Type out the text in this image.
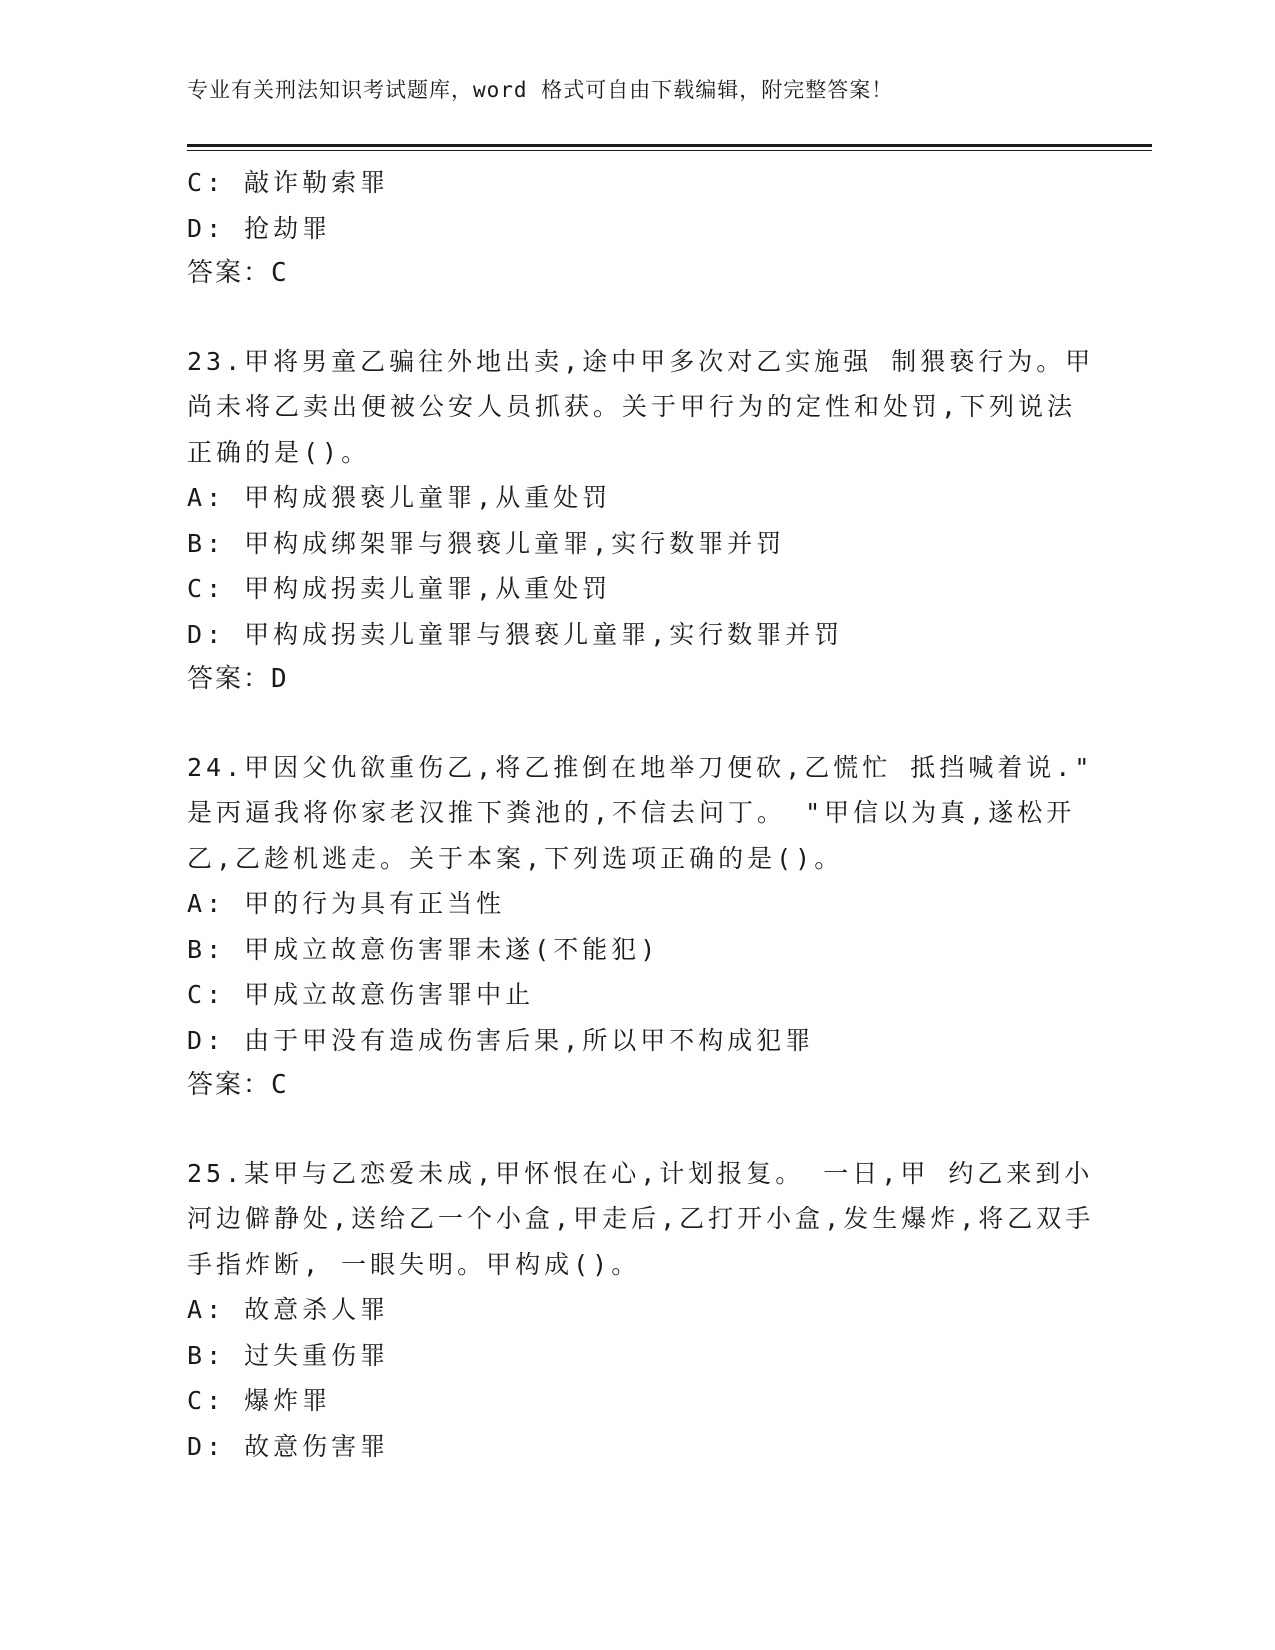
专业有关刑法知识考试题库，word 格式可自由下载编辑，附完整答案！
C: 敲诈勒索罪
D: 抢劫罪
答案：C
23.甲将男童乙骗往外地出卖,途中甲多次对乙实施强 制猥亵行为。甲
尚未将乙卖出便被公安人员抓获。关于甲行为的定性和处罚,下列说法
正确的是()。
A: 甲构成猥亵儿童罪,从重处罚
B: 甲构成绑架罪与猥亵儿童罪,实行数罪并罚
C: 甲构成拐卖儿童罪,从重处罚
D: 甲构成拐卖儿童罪与猥亵儿童罪,实行数罪并罚
答案：D
24.甲因父仇欲重伤乙,将乙推倒在地举刀便砍,乙慌忙 抵挡喊着说."
是丙逼我将你家老汉推下粪池的,不信去问丁。 "甲信以为真,遂松开
乙,乙趁机逃走。关于本案,下列选项正确的是()。
A: 甲的行为具有正当性
B: 甲成立故意伤害罪未遂(不能犯)
C: 甲成立故意伤害罪中止
D: 由于甲没有造成伤害后果,所以甲不构成犯罪
答案：C
25.某甲与乙恋爱未成,甲怀恨在心,计划报复。 一日,甲 约乙来到小
河边僻静处,送给乙一个小盒,甲走后,乙打开小盒,发生爆炸,将乙双手
手指炸断, 一眼失明。甲构成()。
A: 故意杀人罪
B: 过失重伤罪
C: 爆炸罪
D: 故意伤害罪
